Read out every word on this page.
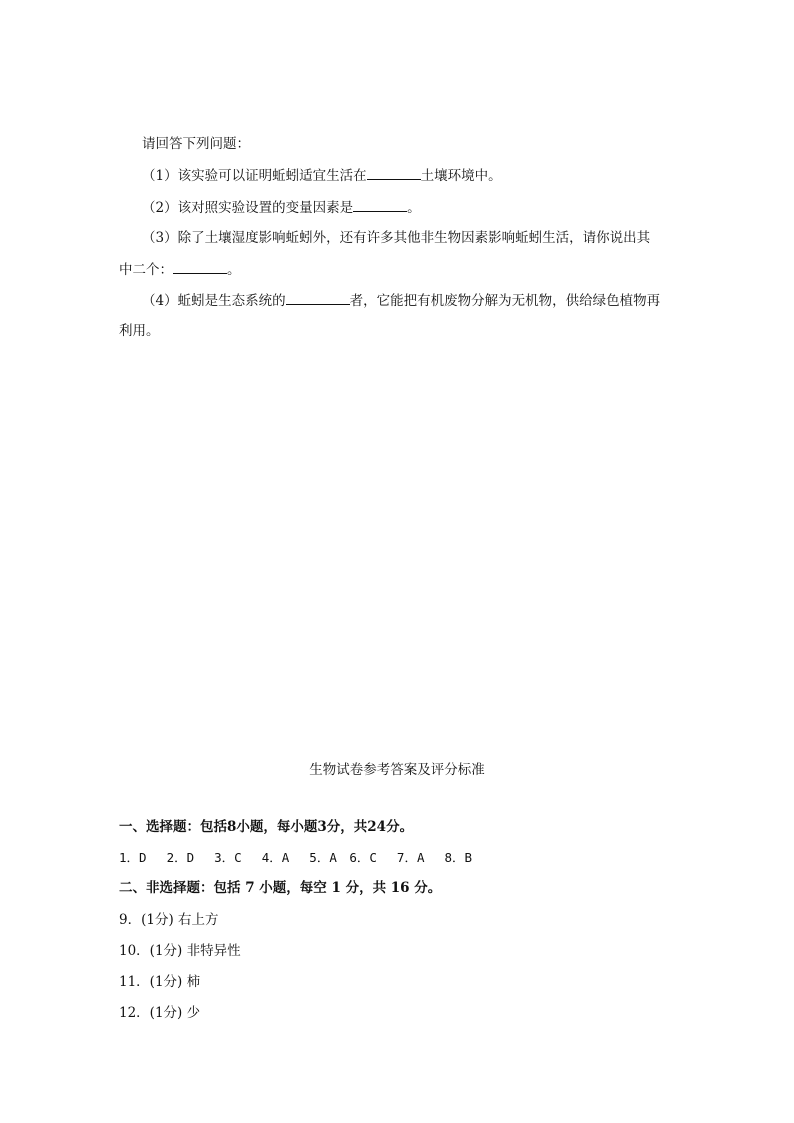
请回答下列问题：
（1）该实验可以证明蚯蚓适宜生活在	土壤环境中。
（2）该对照实验设置的变量因素是	。
（3）除了土壤湿度影响蚯蚓外，还有许多其他非生物因素影响蚯蚓生活，请你说出其
中二个：	。
（4）蚯蚓是生态系统的	者，它能把有机废物分解为无机物，供给绿色植物再
利用。
生物试卷参考答案及评分标准
一、选择题：包括8小题，每小题3分，共24分。
1．D　 2．D　 3．C　 4．A　 5．A　6．C　 7．A　 8．B
二、非选择题：包括 7 小题，每空 1 分，共 16 分。
9．(1分) 右上方
10．(1分) 非特异性
11．(1分) 柿
12．(1分) 少
